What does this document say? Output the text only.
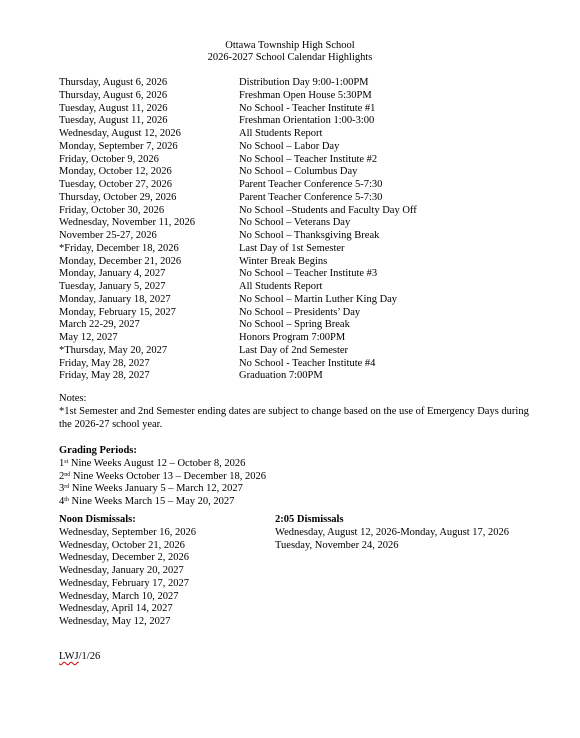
Ottawa Township High School
2026-2027 School Calendar Highlights
Thursday, August 6, 2026	Distribution Day 9:00-1:00PM
Thursday, August 6, 2026	Freshman Open House 5:30PM
Tuesday, August 11, 2026	No School - Teacher Institute #1
Tuesday, August 11, 2026	Freshman Orientation 1:00-3:00
Wednesday, August 12, 2026	All Students Report
Monday, September 7, 2026	No School – Labor Day
Friday, October 9, 2026	No School – Teacher Institute #2
Monday, October 12, 2026	No School – Columbus Day
Tuesday, October 27, 2026	Parent Teacher Conference 5-7:30
Thursday, October 29, 2026	Parent Teacher Conference 5-7:30
Friday, October 30, 2026	No School –Students and Faculty Day Off
Wednesday, November 11, 2026	No School – Veterans Day
November 25-27, 2026	No School – Thanksgiving Break
*Friday, December 18, 2026	Last Day of 1st Semester
Monday, December 21, 2026	Winter Break Begins
Monday, January 4, 2027	No School – Teacher Institute #3
Tuesday, January 5, 2027	All Students Report
Monday, January 18, 2027	No School – Martin Luther King Day
Monday, February 15, 2027	No School – Presidents’ Day
March 22-29, 2027	No School – Spring Break
May 12, 2027	Honors Program 7:00PM
*Thursday, May 20, 2027	Last Day of 2nd Semester
Friday, May 28, 2027	No School - Teacher Institute #4
Friday, May 28, 2027	Graduation 7:00PM
Notes:
*1st Semester and 2nd Semester ending dates are subject to change based on the use of Emergency Days during the 2026-27 school year.
Grading Periods:
1st Nine Weeks August 12 – October 8, 2026
2nd Nine Weeks October 13 – December 18, 2026
3rd Nine Weeks January 5 – March 12, 2027
4th Nine Weeks March 15 – May 20, 2027
Noon Dismissals:
Wednesday, September 16, 2026
Wednesday, October 21, 2026
Wednesday, December 2, 2026
Wednesday, January 20, 2027
Wednesday, February 17, 2027
Wednesday, March 10, 2027
Wednesday, April 14, 2027
Wednesday, May 12, 2027
2:05 Dismissals
Wednesday, August 12, 2026-Monday, August 17, 2026
Tuesday, November 24, 2026
LWJ/1/26
